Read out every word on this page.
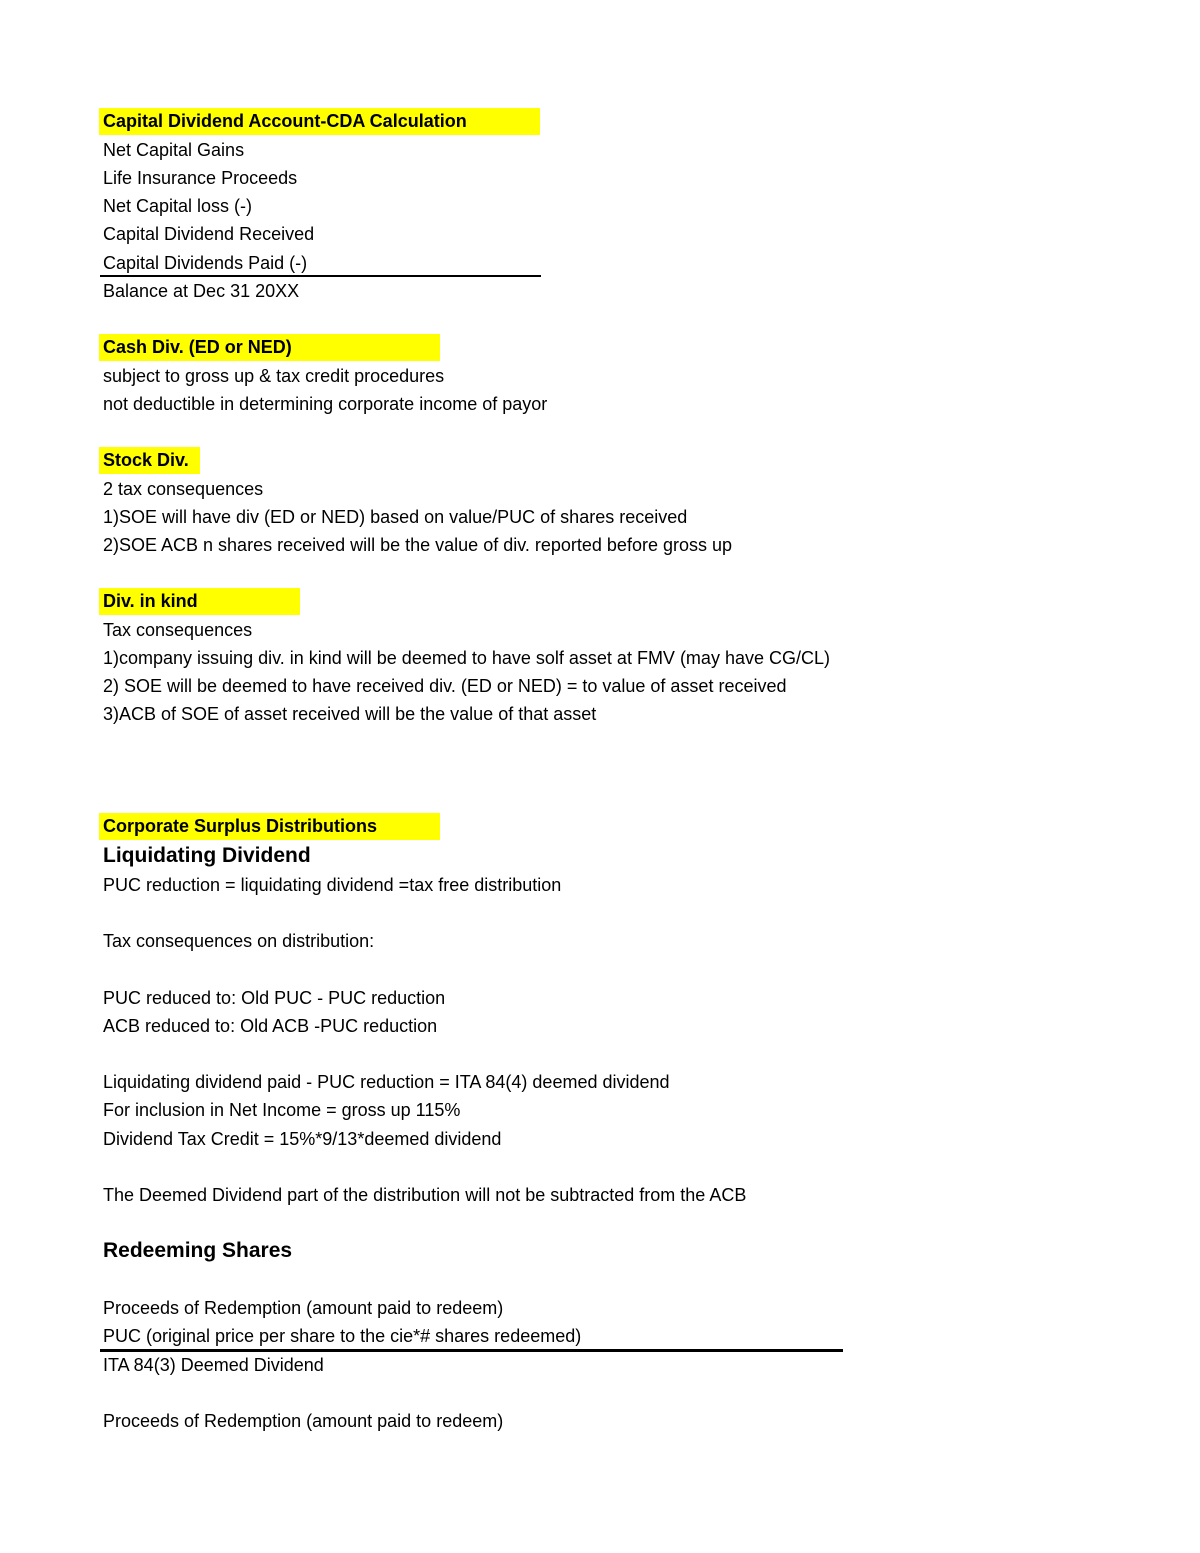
Capital Dividend Account-CDA Calculation
Net Capital Gains
Life Insurance Proceeds
Net Capital loss (-)
Capital Dividend Received
Capital Dividends Paid (-)
Balance at Dec 31 20XX
Cash Div. (ED or NED)
subject to gross up & tax credit procedures
not deductible in determining corporate income of payor
Stock Div.
2 tax consequences
1)SOE will have div (ED or NED) based on value/PUC of shares received
2)SOE ACB n shares received will be the value of div. reported before gross up
Div. in kind
Tax consequences
1)company issuing div. in kind will be deemed to have solf asset at FMV (may have CG/CL)
2) SOE will be deemed to have received div. (ED or NED) = to value of asset received
3)ACB of SOE of asset received will be the value of that asset
Corporate Surplus Distributions
Liquidating Dividend
PUC reduction = liquidating dividend =tax free distribution
Tax consequences on distribution:
PUC reduced to: Old PUC - PUC reduction
ACB reduced to: Old ACB -PUC reduction
Liquidating dividend paid - PUC reduction = ITA 84(4) deemed dividend
For inclusion in Net Income = gross up 115%
Dividend Tax Credit = 15%*9/13*deemed dividend
The Deemed Dividend part of the distribution will not be subtracted from the ACB
Redeeming Shares
Proceeds of Redemption (amount paid to redeem)
PUC (original price per share to the cie*# shares redeemed)
ITA 84(3) Deemed Dividend
Proceeds of Redemption (amount paid to redeem)
